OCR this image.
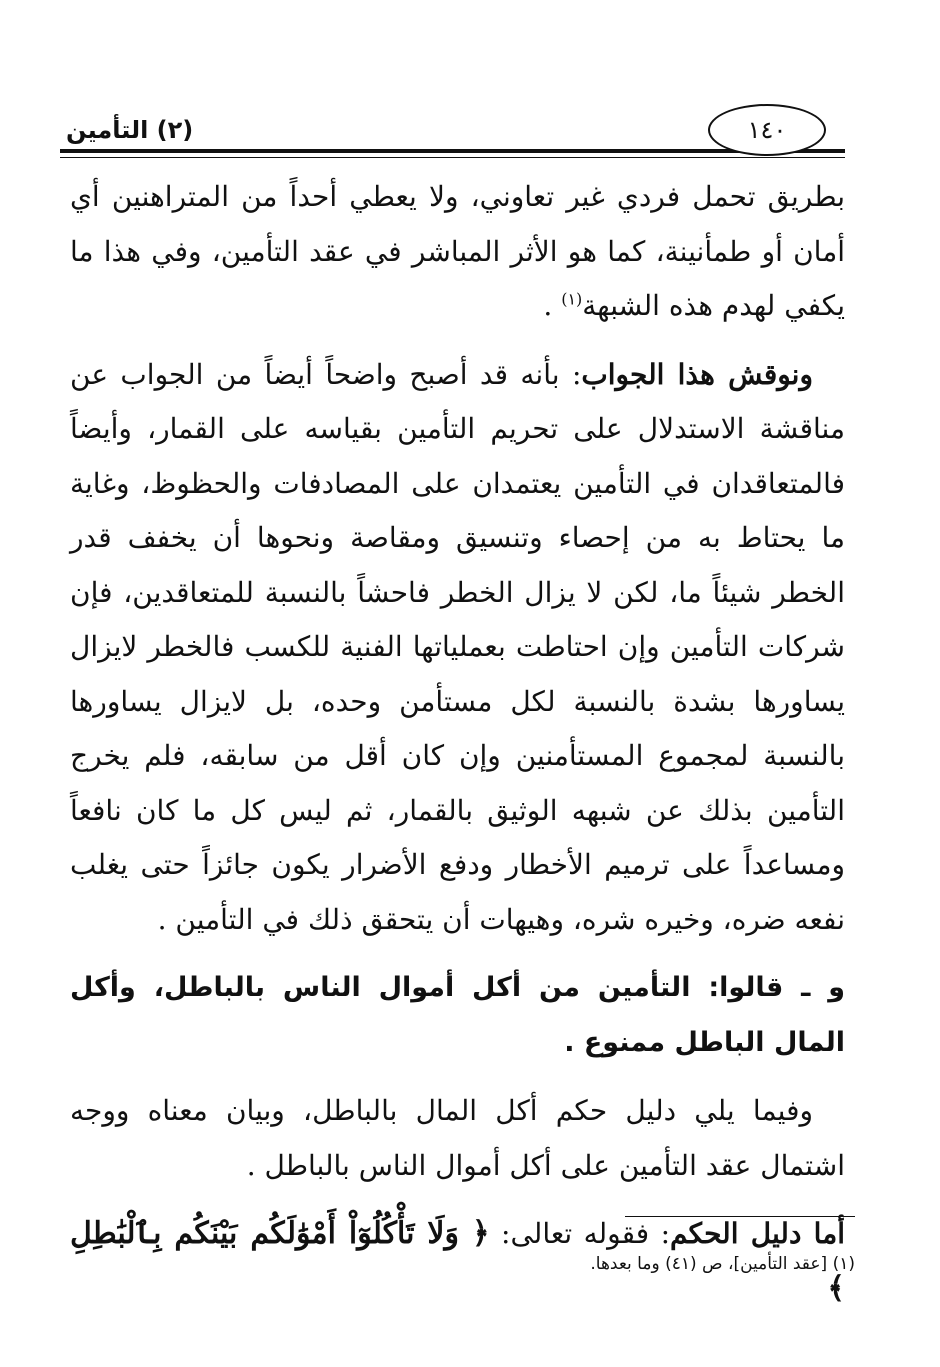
(٢) التأمين	١٤٠

بطريق تحمل فردي غير تعاوني، ولا يعطي أحداً من المتراهنين أي أمان أو طمأنينة، كما هو الأثر المباشر في عقد التأمين، وفي هذا ما يكفي لهدم هذه الشبهة$^{(١)}$ .

ونوقش هذا الجواب: بأنه قد أصبح واضحاً أيضاً من الجواب عن مناقشة الاستدلال على تحريم التأمين بقياسه على القمار، وأيضاً فالمتعاقدان في التأمين يعتمدان على المصادفات والحظوظ، وغاية ما يحتاط به من إحصاء وتنسيق ومقاصة ونحوها أن يخفف قدر الخطر شيئاً ما، لكن لا يزال الخطر فاحشاً بالنسبة للمتعاقدين، فإن شركات التأمين وإن احتاطت بعملياتها الفنية للكسب فالخطر لايزال يساورها بشدة بالنسبة لكل مستأمن وحده، بل لايزال يساورها بالنسبة لمجموع المستأمنين وإن كان أقل من سابقه، فلم يخرج التأمين بذلك عن شبهه الوثيق بالقمار، ثم ليس كل ما كان نافعاً ومساعداً على ترميم الأخطار ودفع الأضرار يكون جائزاً حتى يغلب نفعه ضره، وخيره شره، وهيهات أن يتحقق ذلك في التأمين .

و ـ قالوا: التأمين من أكل أموال الناس بالباطل، وأكل المال الباطل ممنوع .

وفيما يلي دليل حكم أكل المال بالباطل، وبيان معناه ووجه اشتمال عقد التأمين على أكل أموال الناس بالباطل .

أما دليل الحكم: فقوله تعالى: ﴿ وَلَا تَأْكُلُوٓاْ أَمْوَٰلَكُم بَيْنَكُم بِٱلْبَٰطِلِ ﴾

(١) [عقد التأمين]، ص (٤١) وما بعدها.
